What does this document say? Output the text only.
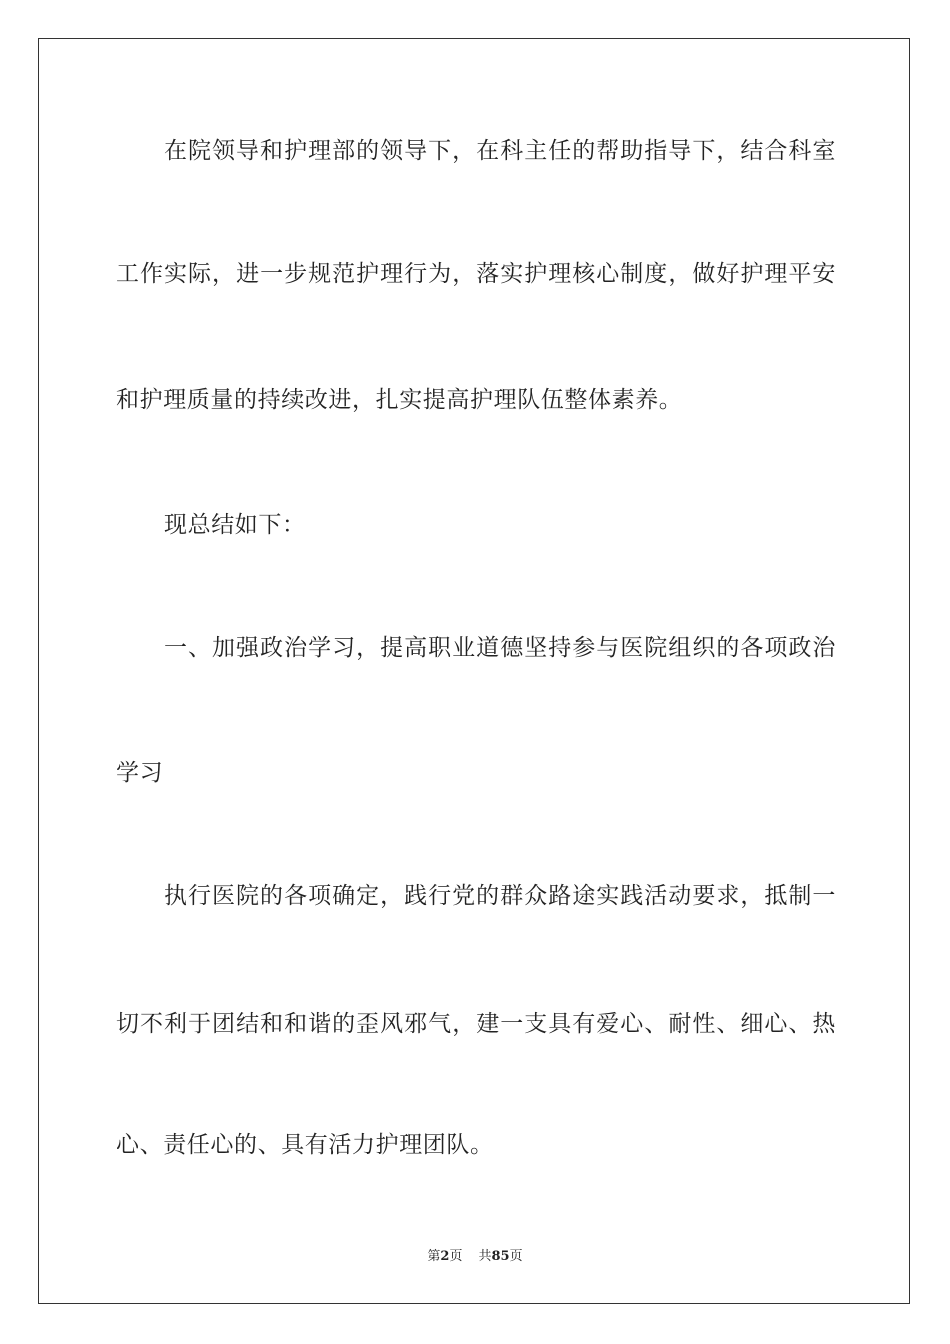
在院领导和护理部的领导下，在科主任的帮助指导下，结合科室
工作实际，进一步规范护理行为，落实护理核心制度，做好护理平安
和护理质量的持续改进，扎实提高护理队伍整体素养。
现总结如下：
一、加强政治学习，提高职业道德坚持参与医院组织的各项政治
学习
执行医院的各项确定，践行党的群众路途实践活动要求，抵制一
切不利于团结和和谐的歪风邪气，建一支具有爱心、耐性、细心、热
心、责任心的、具有活力护理团队。
第2页 共85页
